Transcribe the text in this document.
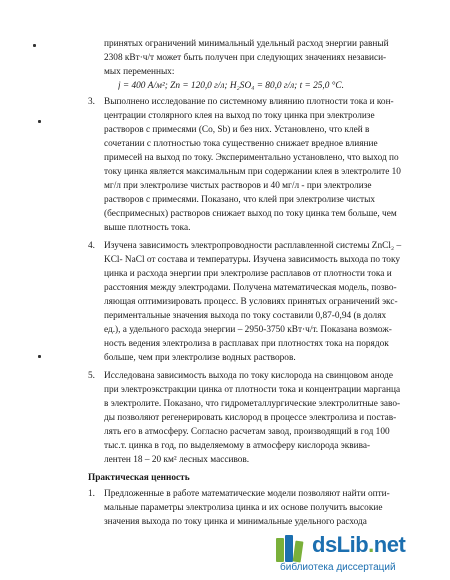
принятых ограничений минимальный удельный расход энергии равный
2308 кВт·ч/т может быть получен при следующих значениях независи-
мых переменных:
j = 400 А/м²; Zn = 120,0 г/л; H₂SO₄ = 80,0 г/л; t = 25,0 °C.
3. Выполнено исследование по системному влиянию плотности тока и кон-
центрации столярного клея на выход по току цинка при электролизе
растворов с примесями (Co, Sb) и без них. Установлено, что клей в
сочетании с плотностью тока существенно снижает вредное влияние
примесей на выход по току. Экспериментально установлено, что выход по
току цинка является максимальным при содержании клея в электролите 10
мг/л при электролизе чистых растворов и 40 мг/л - при электролизе
растворов с примесями. Показано, что клей при электролизе чистых
(беспримесных) растворов снижает выход по току цинка тем больше, чем
выше плотность тока.
4. Изучена зависимость электропроводности расплавленной системы ZnCl₂ –
KCl- NaCl от состава и температуры. Изучена зависимость выхода по току
цинка и расхода энергии при электролизе расплавов от плотности тока и
расстояния между электродами. Получена математическая модель, позво-
ляющая оптимизировать процесс. В условиях принятых ограничений экс-
периментальные значения выхода по току составили 0,87-0,94 (в долях
ед.), а удельного расхода энергии – 2950-3750 кВт·ч/т. Показана возмож-
ность ведения электролиза в расплавах при плотностях тока на порядок
больше, чем при электролизе водных растворов.
5. Исследована зависимость выхода по току кислорода на свинцовом аноде
при электроэкстракции цинка от плотности тока и концентрации марганца
в электролите. Показано, что гидрометаллургические электролитные заво-
ды позволяют регенерировать кислород в процессе электролиза и постав-
лять его в атмосферу. Согласно расчетам завод, производящий в год 100
тыс.т. цинка в год, по выделяемому в атмосферу кислорода эквива-
лентен 18 – 20 км² лесных массивов.
Практическая ценность
1. Предложенные в работе математические модели позволяют найти опти-
мальные параметры электролиза цинка и их основе получить высокие
значения выхода по току цинка и минимальные удельного расхода
dsLib.net
библиотека диссертаций
